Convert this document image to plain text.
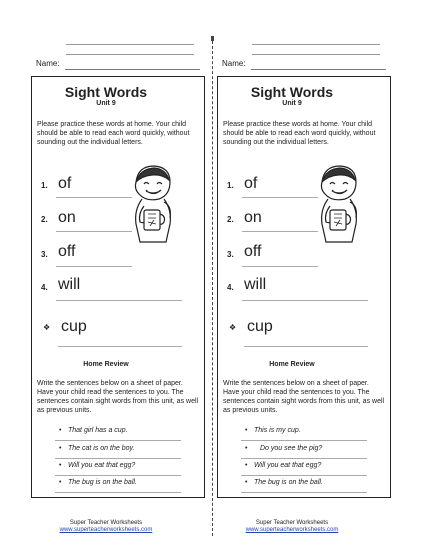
Name:
Sight Words
Unit 9
Please practice these words at home. Your child should be able to read each word quickly, without sounding out the individual letters.
1. of
2. on
3. off
4. will
❖ cup
Home Review
Write the sentences below on a sheet of paper. Have your child read the sentences to you. The sentences contain sight words from this unit, as well as previous units.
• That girl has a cup.
• The cat is on the boy.
• Will you eat that egg?
• The bug is on the ball.
Super Teacher Worksheets
www.superteacherworksheets.com
Name:
Sight Words
Unit 9
Please practice these words at home. Your child should be able to read each word quickly, without sounding out the individual letters.
1. of
2. on
3. off
4. will
❖ cup
Home Review
Write the sentences below on a sheet of paper. Have your child read the sentences to you. The sentences contain sight words from this unit, as well as previous units.
• This is my cup.
• Do you see the pig?
• Will you eat that egg?
• The bug is on the ball.
Super Teacher Worksheets
www.superteacherworksheets.com
